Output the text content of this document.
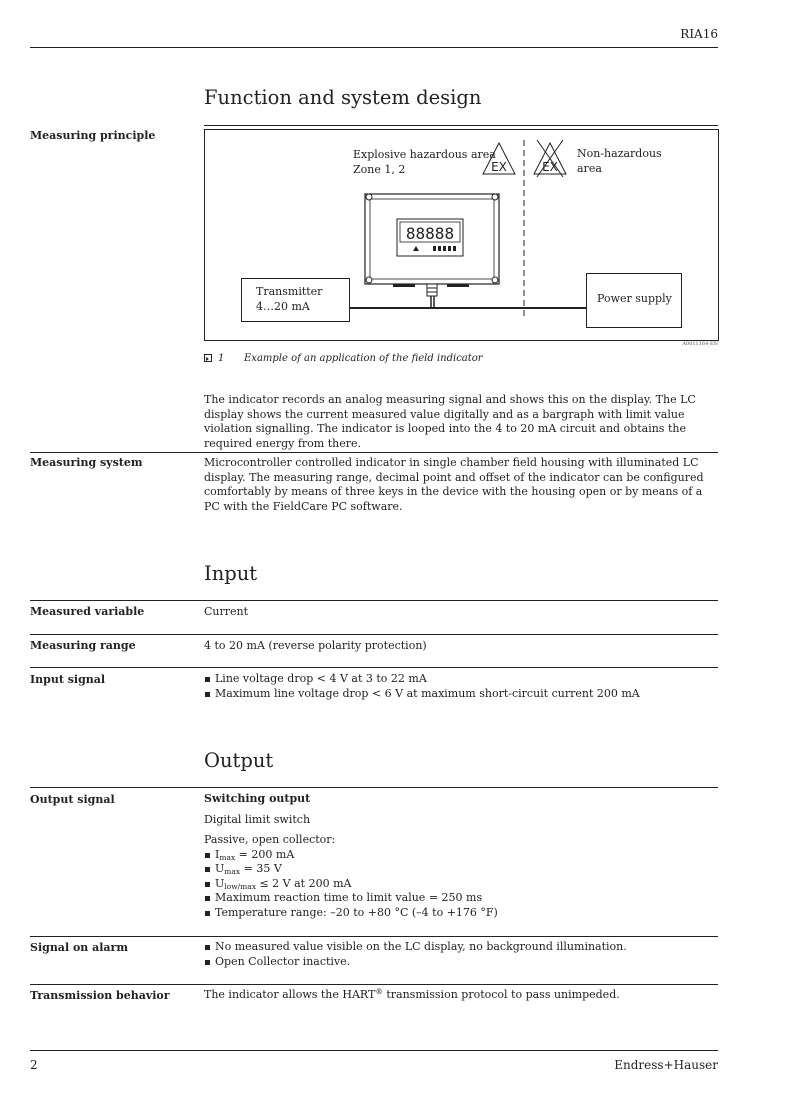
RIA16
Function and system design
Measuring principle
Explosive hazardous area
Zone 1, 2
Non-hazardous
area
EX	EX
88888
Transmitter
4…20 mA
Power supply
A0011164-EN
1 Example of an application of the field indicator
The indicator records an analog measuring signal and shows this on the display. The LC display shows the current measured value digitally and as a bargraph with limit value violation signalling. The indicator is looped into the 4 to 20 mA circuit and obtains the required energy from there.
Measuring system	Microcontroller controlled indicator in single chamber field housing with illuminated LC display. The measuring range, decimal point and offset of the indicator can be configured comfortably by means of three keys in the device with the housing open or by means of a PC with the FieldCare PC software.
Input
Measured variable	Current
Measuring range	4 to 20 mA (reverse polarity protection)
Input signal	Line voltage drop < 4 V at 3 to 22 mA
Maximum line voltage drop < 6 V at maximum short-circuit current 200 mA
Output
Output signal	Switching output
Digital limit switch
Passive, open collector:
$I_{max} = 200$ mA
$U_{max} = 35$ V
$U_{low/max} \le 2$ V at 200 mA
Maximum reaction time to limit value = 250 ms
Temperature range: –20 to +80 °C (–4 to +176 °F)
Signal on alarm	No measured value visible on the LC display, no background illumination.
Open Collector inactive.
Transmission behavior	The indicator allows the HART® transmission protocol to pass unimpeded.
2	Endress+Hauser
